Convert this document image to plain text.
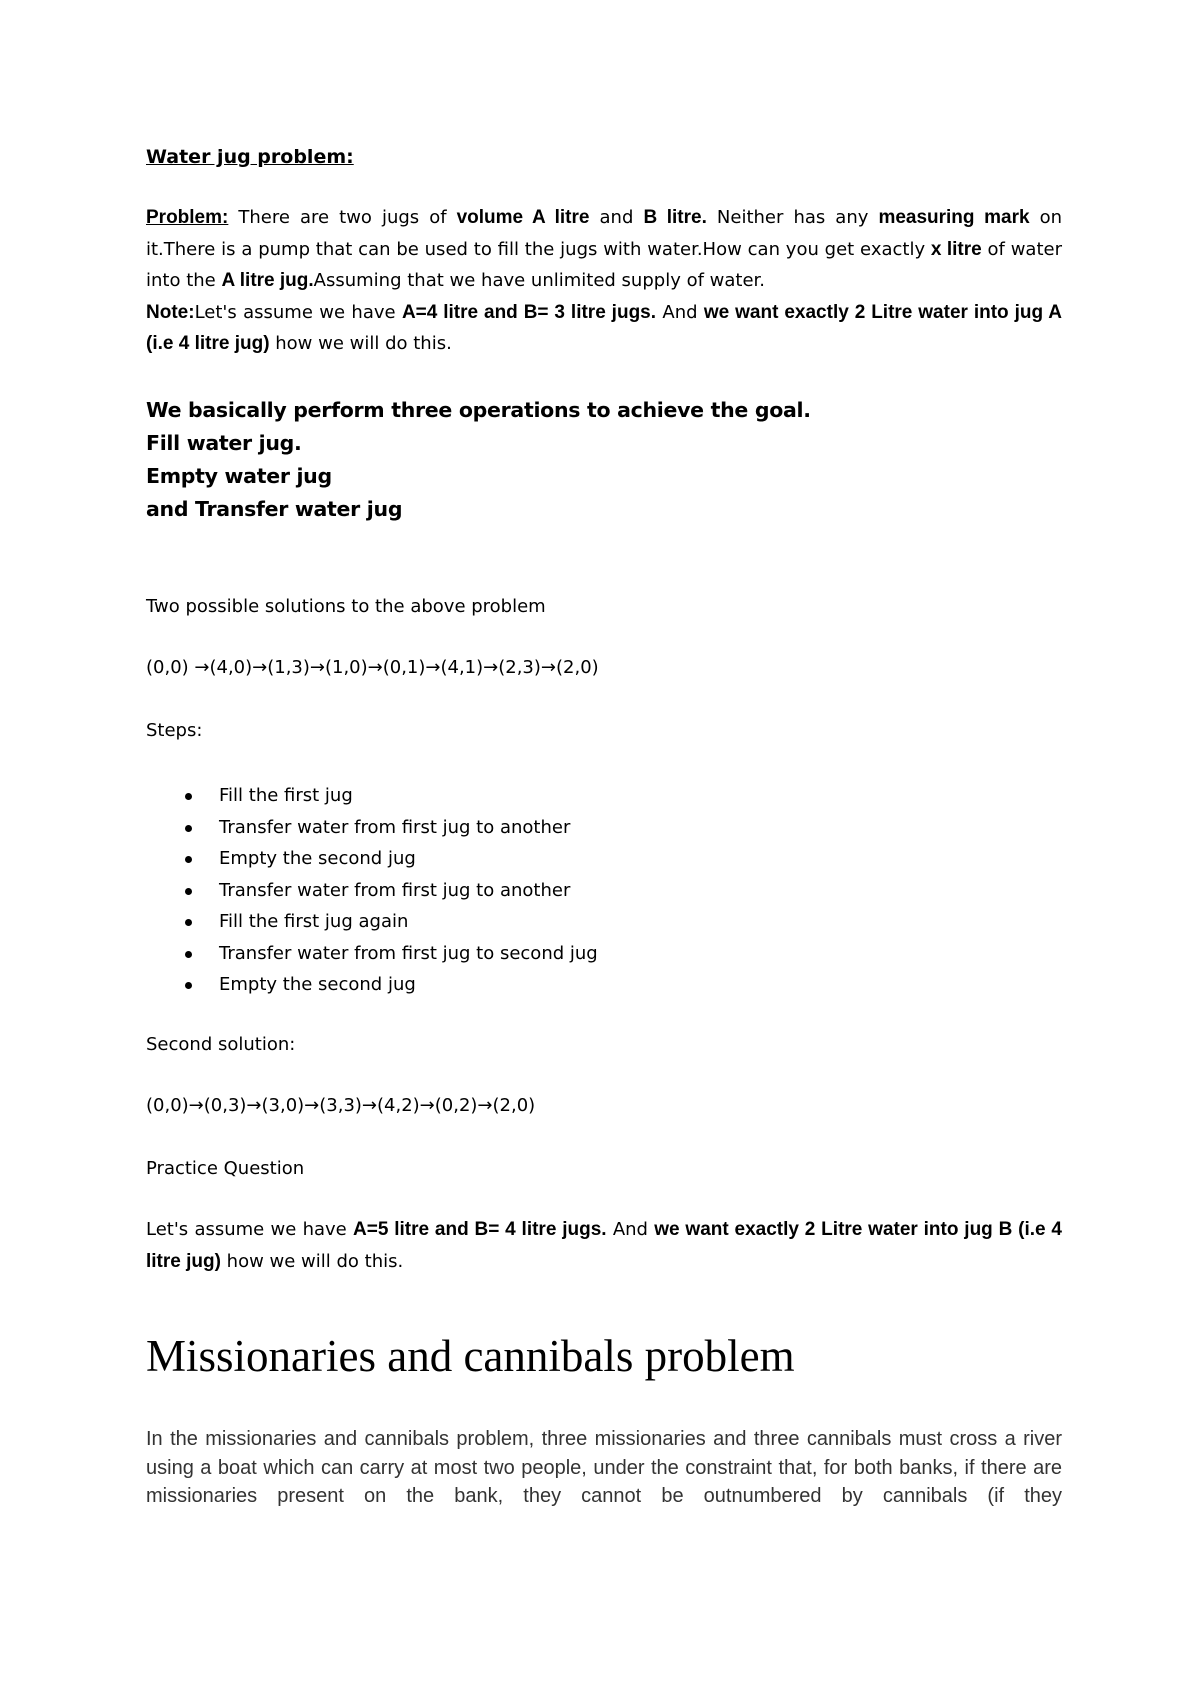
Water jug problem:
Problem: There are two jugs of volume A litre and B litre. Neither has any measuring mark on it.There is a pump that can be used to fill the jugs with water.How can you get exactly x litre of water into the A litre jug.Assuming that we have unlimited supply of water.
Note:Let's assume we have A=4 litre and B= 3 litre jugs. And we want exactly 2 Litre water into jug A (i.e 4 litre jug) how we will do this.
We basically perform three operations to achieve the goal.
Fill water jug.
Empty water jug
and Transfer water jug
Two possible solutions to the above problem
(0,0) →(4,0)→(1,3)→(1,0)→(0,1)→(4,1)→(2,3)→(2,0)
Steps:
Fill the first jug
Transfer water from first jug to another
Empty the second jug
Transfer water from first jug to another
Fill the first jug again
Transfer water from first jug to second jug
Empty the second jug
Second solution:
(0,0)→(0,3)→(3,0)→(3,3)→(4,2)→(0,2)→(2,0)
Practice Question
Let's assume we have A=5 litre and B= 4 litre jugs. And we want exactly 2 Litre water into jug B (i.e 4 litre jug) how we will do this.
Missionaries and cannibals problem
In the missionaries and cannibals problem, three missionaries and three cannibals must cross a river using a boat which can carry at most two people, under the constraint that, for both banks, if there are missionaries present on the bank, they cannot be outnumbered by cannibals (if they
